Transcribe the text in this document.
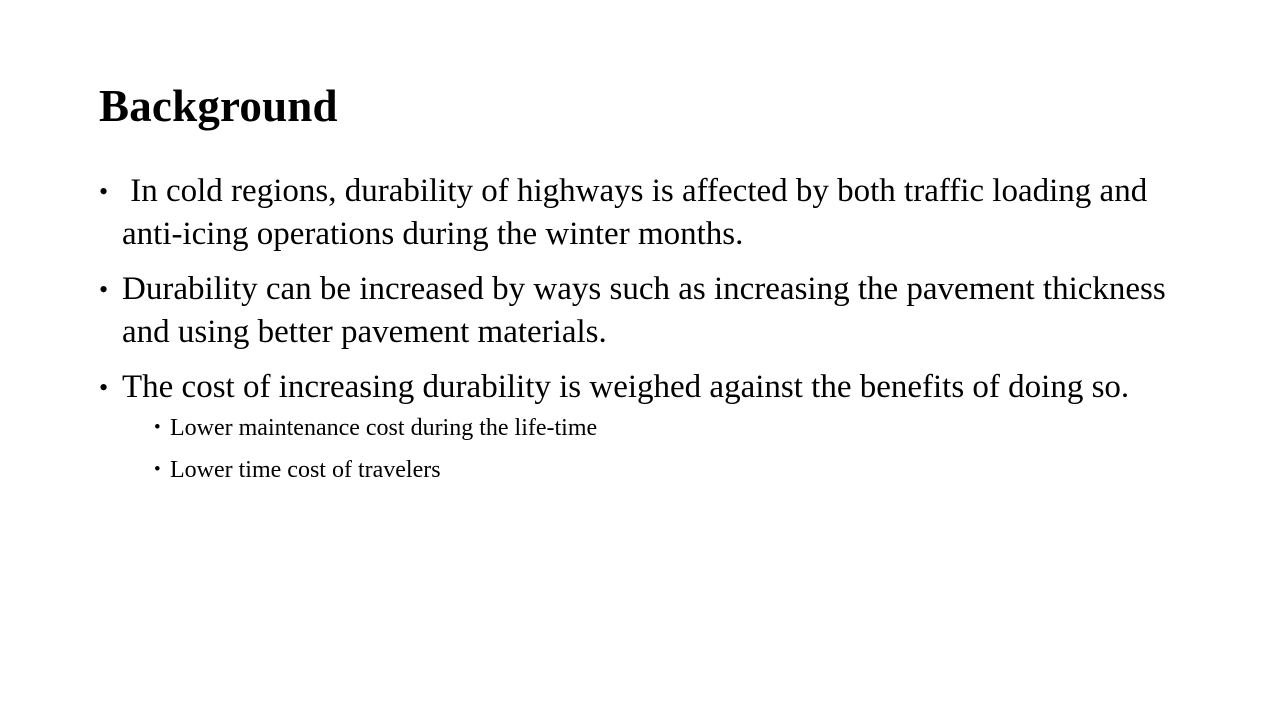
Background
• In cold regions, durability of highways is affected by both traffic loading and anti-icing operations during the winter months.
• Durability can be increased by ways such as increasing the pavement thickness and using better pavement materials.
• The cost of increasing durability is weighed against the benefits of doing so.
• Lower maintenance cost during the life-time
• Lower time cost of travelers
